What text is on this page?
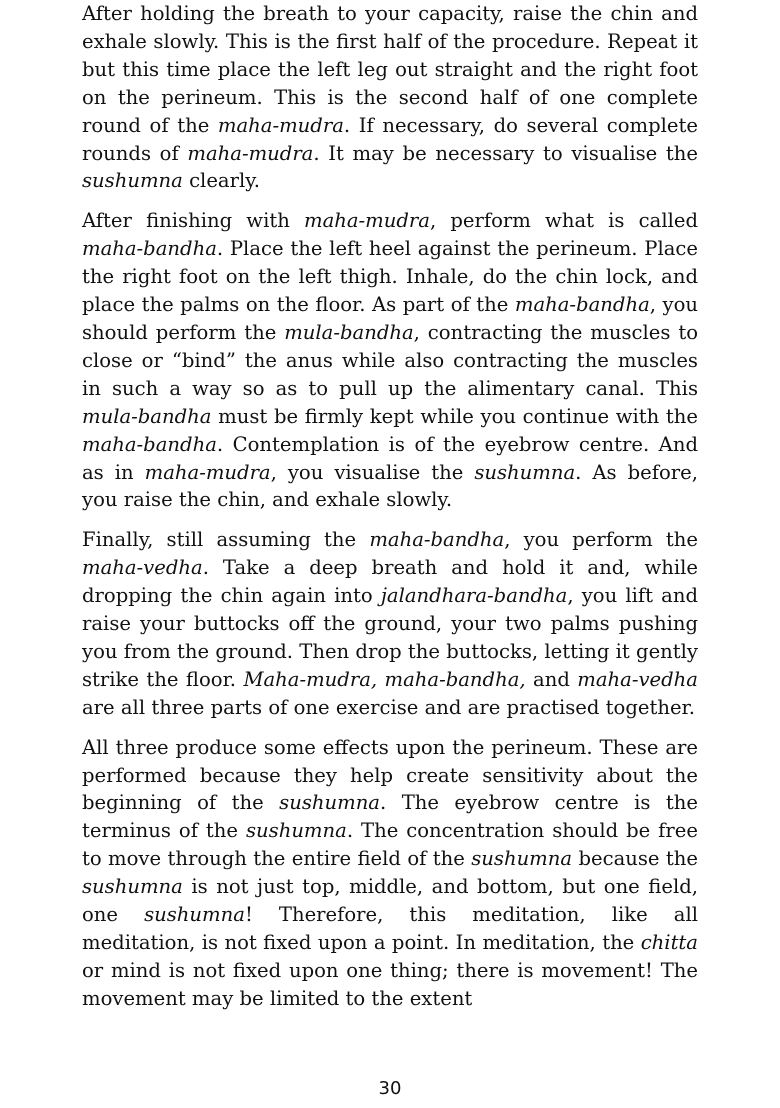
After holding the breath to your capacity, raise the chin and exhale slowly. This is the first half of the procedure. Repeat it but this time place the left leg out straight and the right foot on the perineum. This is the second half of one complete round of the maha-mudra. If necessary, do several complete rounds of maha-mudra. It may be necessary to visualise the sushumna clearly.

After finishing with maha-mudra, perform what is called maha-bandha. Place the left heel against the perineum. Place the right foot on the left thigh. Inhale, do the chin lock, and place the palms on the floor. As part of the maha-bandha, you should perform the mula-bandha, contracting the muscles to close or “bind” the anus while also contracting the muscles in such a way so as to pull up the alimentary canal. This mula-bandha must be firmly kept while you continue with the maha-bandha. Contemplation is of the eyebrow centre. And as in maha-mudra, you visualise the sushumna. As before, you raise the chin, and exhale slowly.

Finally, still assuming the maha-bandha, you perform the maha-vedha. Take a deep breath and hold it and, while dropping the chin again into jalandhara-bandha, you lift and raise your buttocks off the ground, your two palms pushing you from the ground. Then drop the buttocks, letting it gently strike the floor. Maha-mudra, maha-bandha, and maha-vedha are all three parts of one exercise and are practised together.

All three produce some effects upon the perineum. These are performed because they help create sensitivity about the beginning of the sushumna. The eyebrow centre is the terminus of the sushumna. The concentration should be free to move through the entire field of the sushumna because the sushumna is not just top, middle, and bottom, but one field, one sushumna! Therefore, this meditation, like all meditation, is not fixed upon a point. In meditation, the chitta or mind is not fixed upon one thing; there is movement! The movement may be limited to the extent

30
